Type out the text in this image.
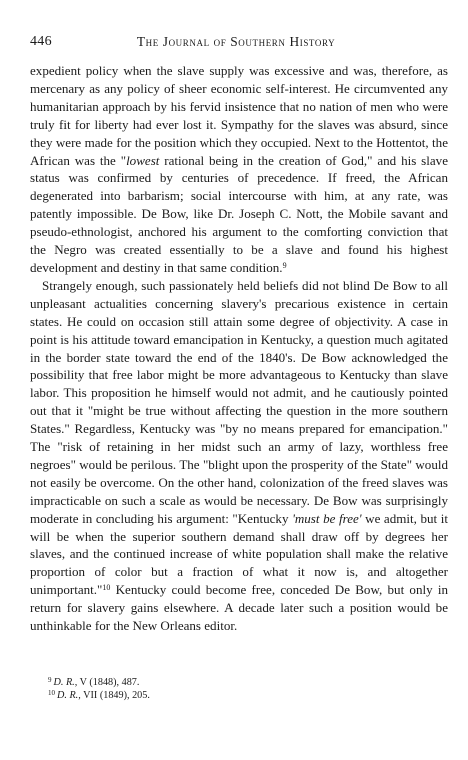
446	The Journal of Southern History

expedient policy when the slave supply was excessive and was, therefore, as mercenary as any policy of sheer economic self-interest. He circumvented any humanitarian approach by his fervid insistence that no nation of men who were truly fit for liberty had ever lost it. Sympathy for the slaves was absurd, since they were made for the position which they occupied. Next to the Hottentot, the African was the "lowest rational being in the creation of God," and his slave status was confirmed by centuries of precedence. If freed, the African degenerated into barbarism; social intercourse with him, at any rate, was patently impossible. De Bow, like Dr. Joseph C. Nott, the Mobile savant and pseudo-ethnologist, anchored his argument to the comforting conviction that the Negro was created essentially to be a slave and found his highest development and destiny in that same condition.$^9$

Strangely enough, such passionately held beliefs did not blind De Bow to all unpleasant actualities concerning slavery's precarious existence in certain states. He could on occasion still attain some degree of objectivity. A case in point is his attitude toward emancipation in Kentucky, a question much agitated in the border state toward the end of the 1840's. De Bow acknowledged the possibility that free labor might be more advantageous to Kentucky than slave labor. This proposition he himself would not admit, and he cautiously pointed out that it "might be true without affecting the question in the more southern States." Regardless, Kentucky was "by no means prepared for emancipation." The "risk of retaining in her midst such an army of lazy, worthless free negroes" would be perilous. The "blight upon the prosperity of the State" would not easily be overcome. On the other hand, colonization of the freed slaves was impracticable on such a scale as would be necessary. De Bow was surprisingly moderate in concluding his argument: "Kentucky 'must be free' we admit, but it will be when the superior southern demand shall draw off by degrees her slaves, and the continued increase of white population shall make the relative proportion of color but a fraction of what it now is, and altogether unimportant."$^{10}$ Kentucky could become free, conceded De Bow, but only in return for slavery gains elsewhere. A decade later such a position would be unthinkable for the New Orleans editor.

$^9$ D. R., V (1848), 487.

$^{10}$ D. R., VII (1849), 205.
